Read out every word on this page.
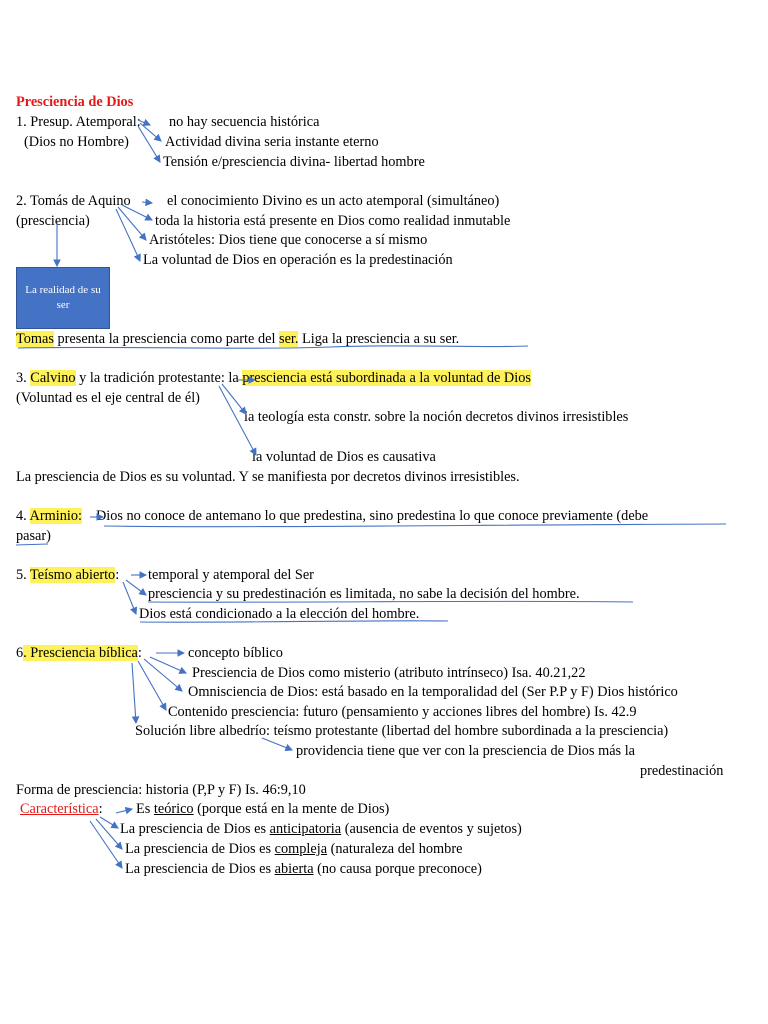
Presciencia de Dios
1. Presup. Atemporal: no hay secuencia histórica
(Dios no Hombre)	Actividad divina seria instante eterno
Tensión e/presciencia divina- libertad hombre
2. Tomás de Aquino	el conocimiento Divino es un acto atemporal (simultáneo)
(presciencia)	toda la historia está presente en Dios como realidad inmutable
Aristóteles: Dios tiene que conocerse a sí mismo
La voluntad de Dios en operación es la predestinación
La realidad de su ser
Tomas presenta la presciencia como parte del ser. Liga la presciencia a su ser.
3. Calvino y la tradición protestante: la presciencia está subordinada a la voluntad de Dios
(Voluntad es el eje central de él)
la teología esta constr. sobre la noción decretos divinos irresistibles
la voluntad de Dios es causativa
La presciencia de Dios es su voluntad. Y se manifiesta por decretos divinos irresistibles.
4. Arminio: Dios no conoce de antemano lo que predestina, sino predestina lo que conoce previamente (debe
pasar)
5. Teísmo abierto: temporal y atemporal del Ser
presciencia y su predestinación es limitada, no sabe la decisión del hombre.
Dios está condicionado a la elección del hombre.
6. Presciencia bíblica:	concepto bíblico
Presciencia de Dios como misterio (atributo intrínseco) Isa. 40.21,22
Omnisciencia de Dios: está basado en la temporalidad del (Ser P.P y F) Dios histórico
Contenido presciencia: futuro (pensamiento y acciones libres del hombre) Is. 42.9
Solución libre albedrío: teísmo protestante (libertad del hombre subordinada a la presciencia)
providencia tiene que ver con la presciencia de Dios más la
predestinación
Forma de presciencia: historia (P,P y F) Is. 46:9,10
Característica: Es teórico (porque está en la mente de Dios)
La presciencia de Dios es anticipatoria (ausencia de eventos y sujetos)
La presciencia de Dios es compleja (naturaleza del hombre
La presciencia de Dios es abierta (no causa porque preconoce)
